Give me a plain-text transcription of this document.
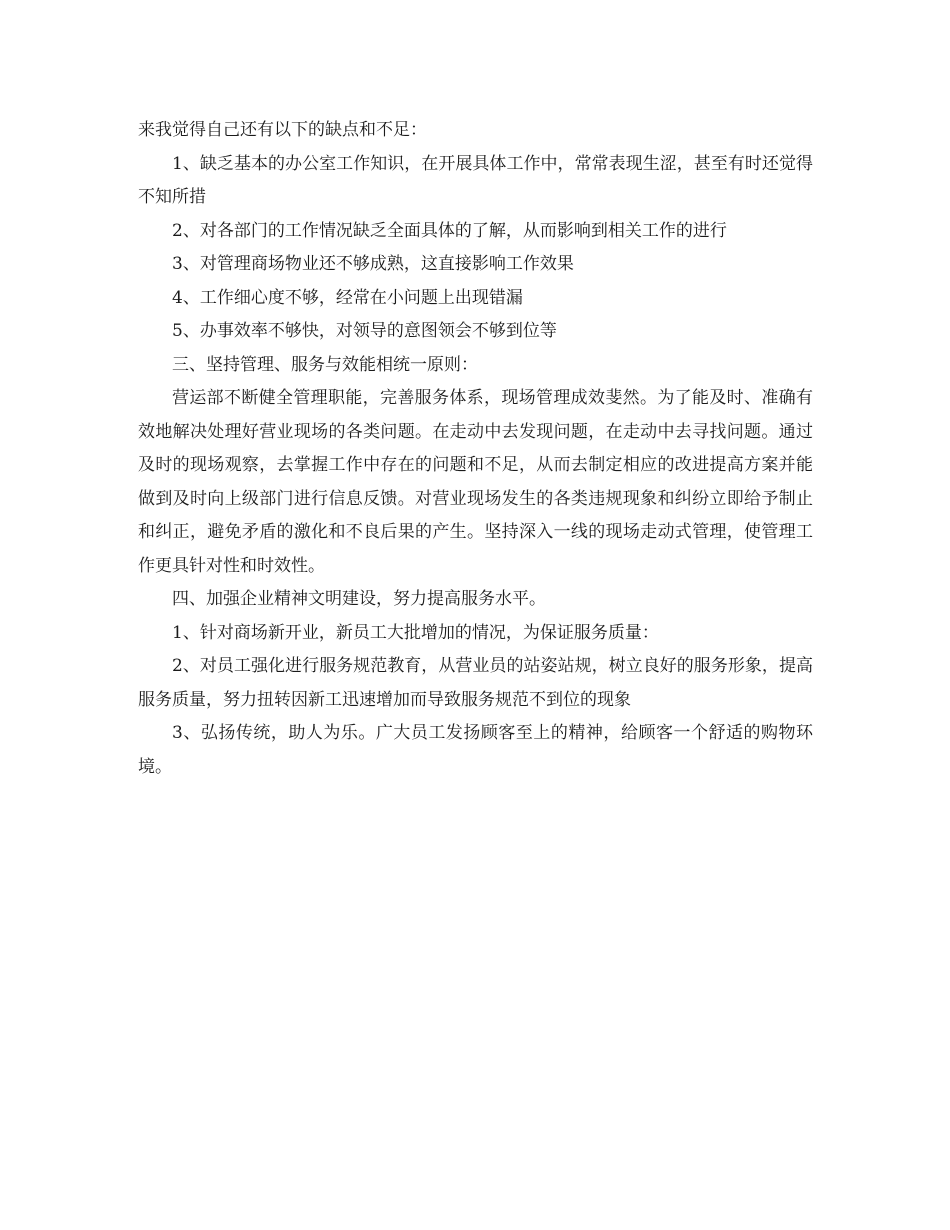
来我觉得自己还有以下的缺点和不足：

1、缺乏基本的办公室工作知识，在开展具体工作中，常常表现生涩，甚至有时还觉得不知所措

2、对各部门的工作情况缺乏全面具体的了解，从而影响到相关工作的进行

3、对管理商场物业还不够成熟，这直接影响工作效果

4、工作细心度不够，经常在小问题上出现错漏

5、办事效率不够快，对领导的意图领会不够到位等

三、坚持管理、服务与效能相统一原则：

营运部不断健全管理职能，完善服务体系，现场管理成效斐然。为了能及时、准确有效地解决处理好营业现场的各类问题。在走动中去发现问题，在走动中去寻找问题。通过及时的现场观察，去掌握工作中存在的问题和不足，从而去制定相应的改进提高方案并能做到及时向上级部门进行信息反馈。对营业现场发生的各类违规现象和纠纷立即给予制止和纠正，避免矛盾的激化和不良后果的产生。坚持深入一线的现场走动式管理，使管理工作更具针对性和时效性。

四、加强企业精神文明建设，努力提高服务水平。

1、针对商场新开业，新员工大批增加的情况，为保证服务质量：

2、对员工强化进行服务规范教育，从营业员的站姿站规，树立良好的服务形象，提高服务质量，努力扭转因新工迅速增加而导致服务规范不到位的现象

3、弘扬传统，助人为乐。广大员工发扬顾客至上的精神，给顾客一个舒适的购物环境。
